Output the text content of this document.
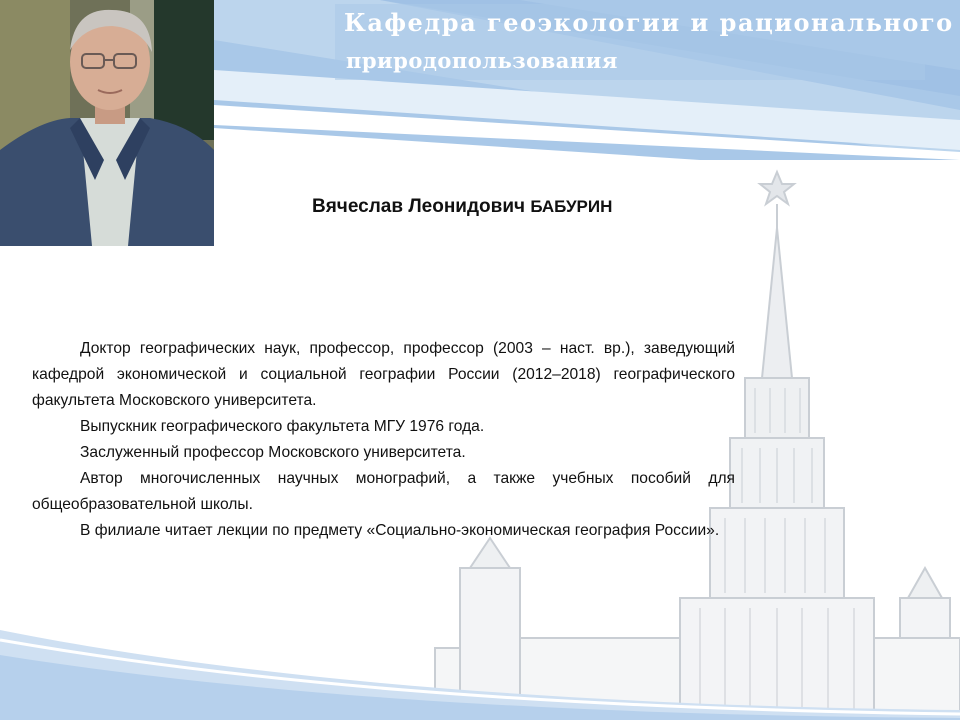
Кафедра геоэкологии и рационального
природопользования
Вячеслав Леонидович БАБУРИН

Доктор географических наук, профессор, профессор (2003 – наст. вр.), заведующий кафедрой экономической и социальной географии России (2012–2018) географического факультета Московского университета.

Выпускник географического факультета МГУ 1976 года.

Заслуженный профессор Московского университета.

Автор многочисленных научных монографий, а также учебных пособий для общеобразовательной школы.

В филиале читает лекции по предмету «Социально-экономическая география России».
